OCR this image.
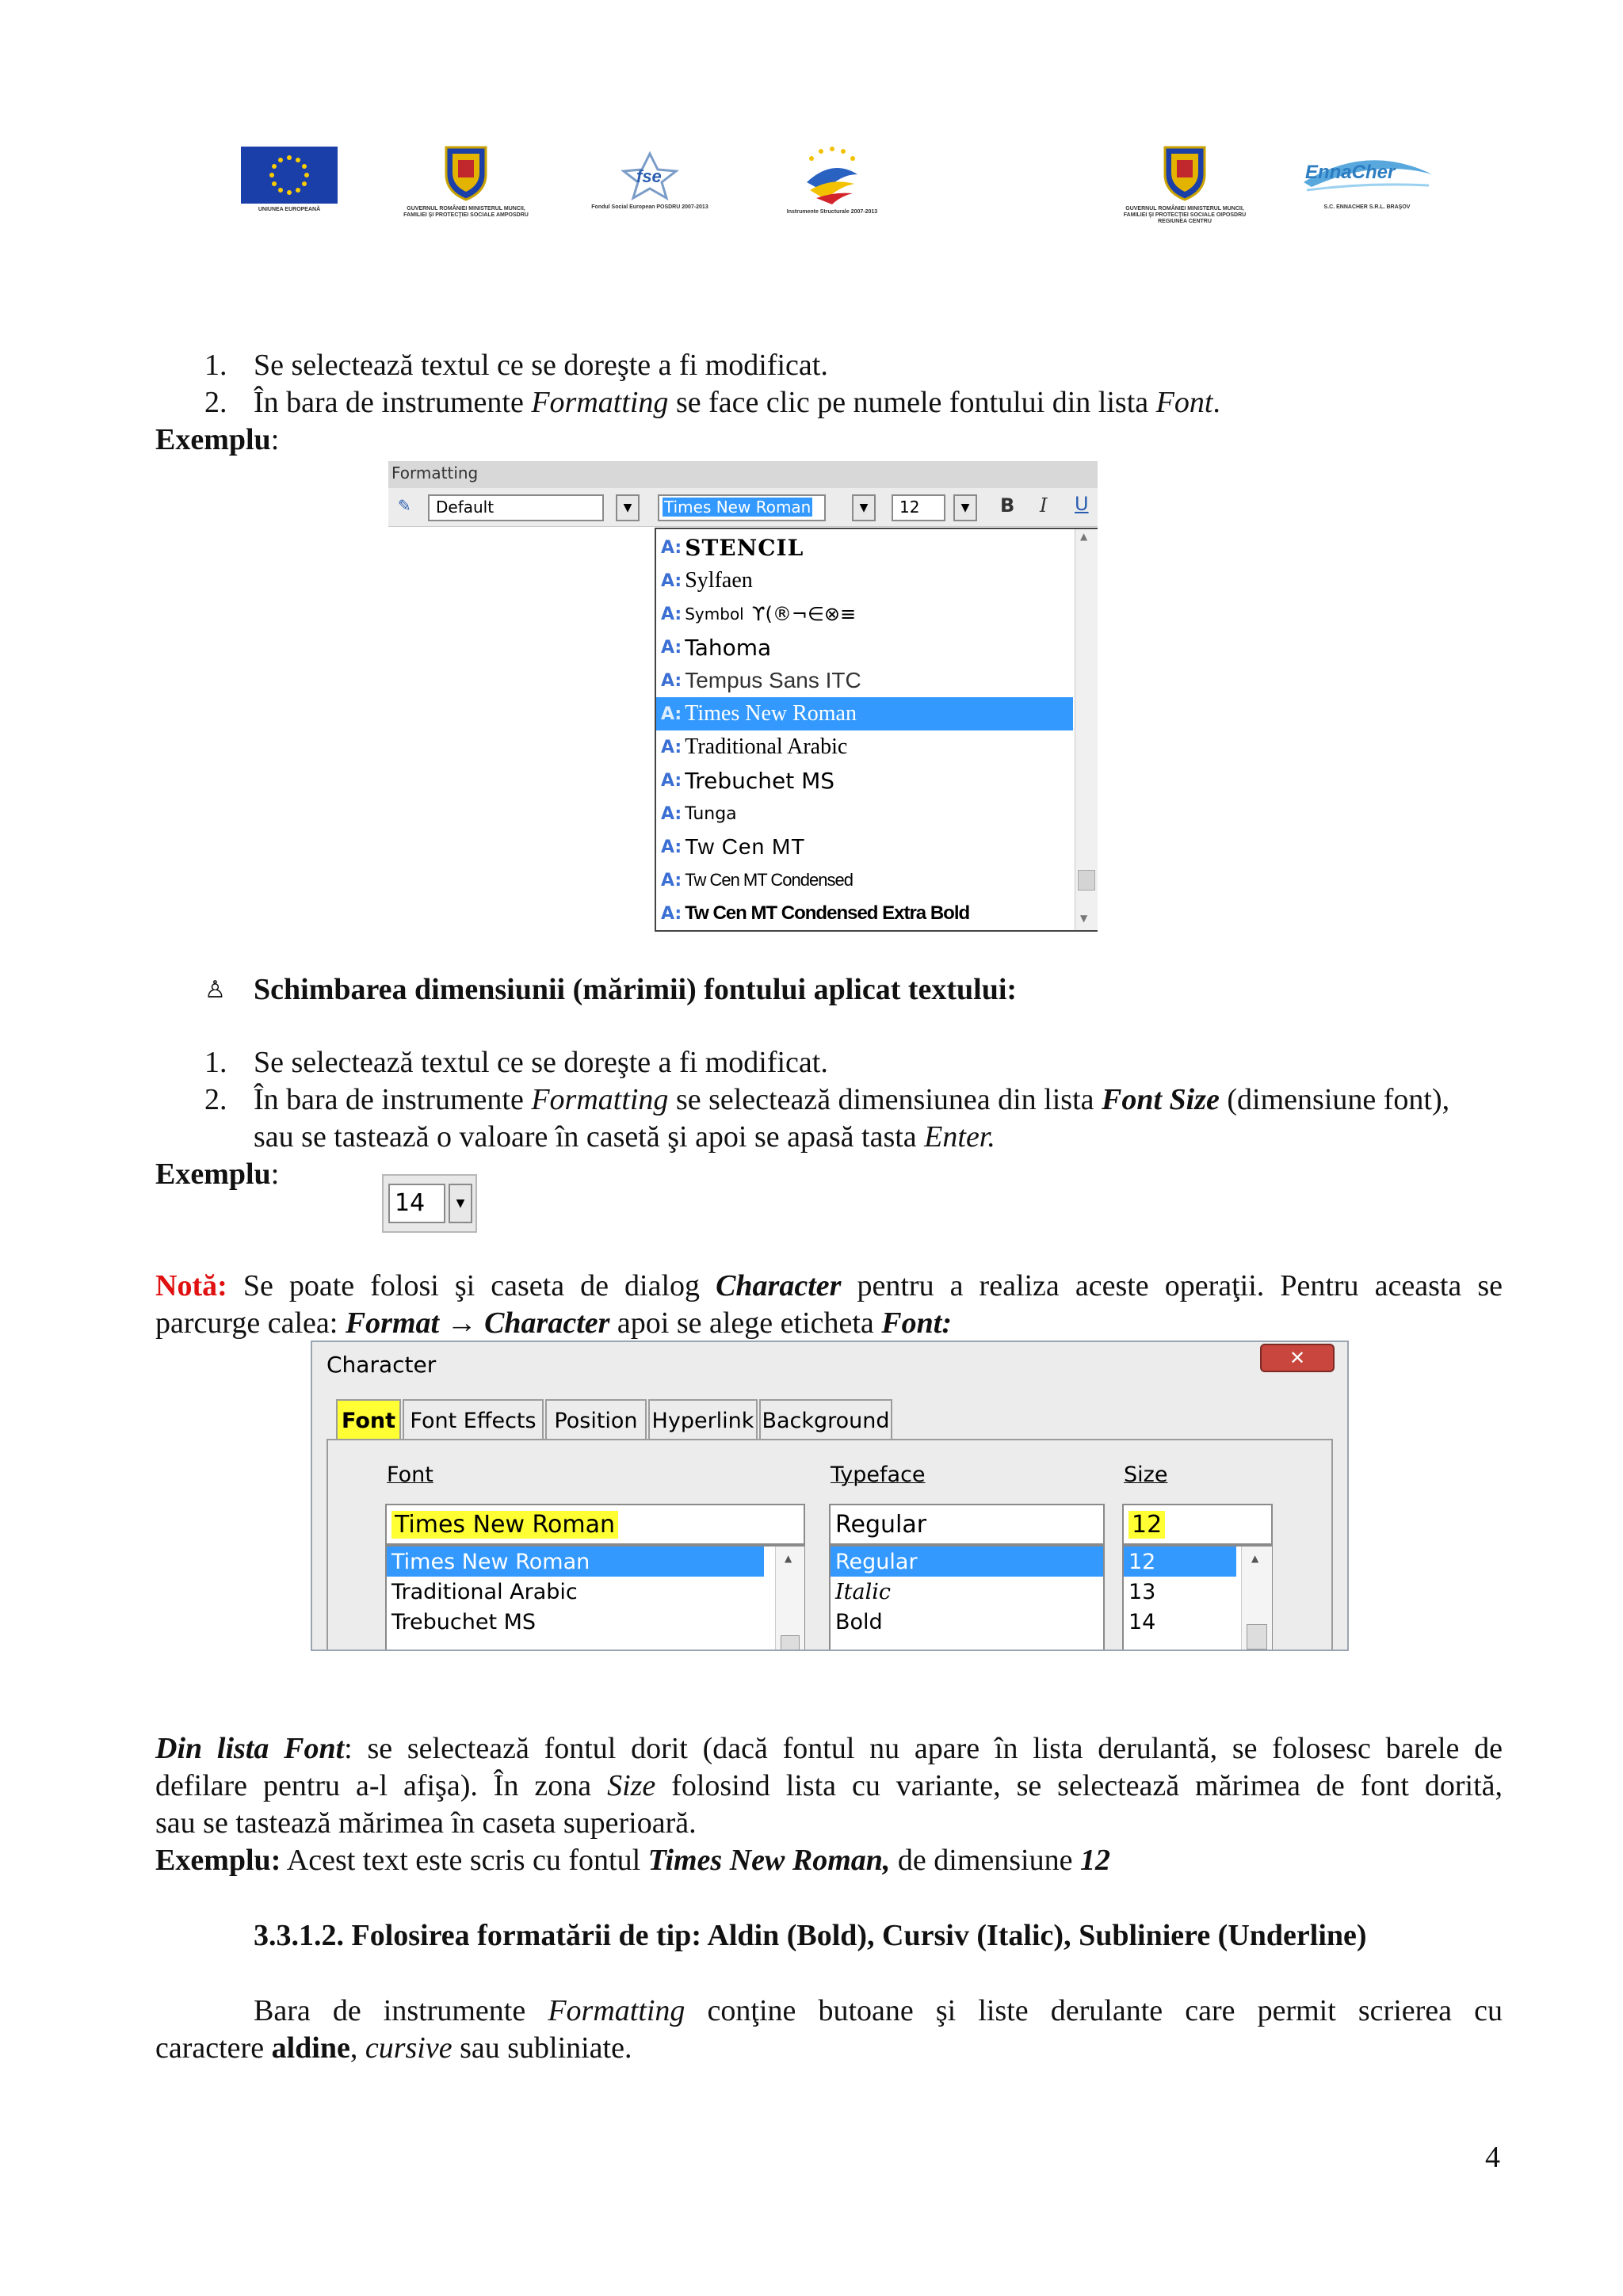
UNIUNEA EUROPEANĂ	GUVERNUL ROMÂNIEI MINISTERUL MUNCII, FAMILIEI ŞI PROTECŢIEI SOCIALE AMPOSDRU
fse
Fondul Social European POSDRU 2007-2013
Instrumente Structurale 2007-2013
GUVERNUL ROMÂNIEI MINISTERUL MUNCII, FAMILIEI ŞI PROTECŢIEI SOCIALE OIPOSDRU REGIUNEA CENTRU
EnnaCher
S.C. ENNACHER S.R.L. BRAŞOV
1. Se selectează textul ce se doreşte a fi modificat.
2. În bara de instrumente Formatting se face clic pe numele fontului din lista Font.
Exemplu:
Formatting
✎	Default	▼	Times New Roman	▼	12	▼	B I U
▲
▼
A: STENCIL
A: Sylfaen
A: Symbol ϒ(®¬∈⊗≡
A: Tahoma
A: Tempus Sans ITC
A: Times New Roman
A: Traditional Arabic
A: Trebuchet MS
A: Tunga
A: Tw Cen MT
A: Tw Cen MT Condensed
A: Tw Cen MT Condensed Extra Bold
♙ Schimbarea dimensiunii (mărimii) fontului aplicat textului:
1. Se selectează textul ce se doreşte a fi modificat.
2. În bara de instrumente Formatting se selectează dimensiunea din lista Font Size (dimensiune font),
sau se tastează o valoare în casetă şi apoi se apasă tasta Enter.
Exemplu:
14	▼
Notă: Se poate folosi şi caseta de dialog Character pentru a realiza aceste operaţii. Pentru aceasta se
parcurge calea: Format → Character apoi se alege eticheta Font:
Character	✕
Font Font Effects Position Hyperlink Background
Font	Typeface	Size
Times New Roman
Times New Roman
Traditional Arabic
Trebuchet MS
▲
Regular
Regular
Italic
Bold
12
12
13
14
▲
Din lista Font: se selectează fontul dorit (dacă fontul nu apare în lista derulantă, se folosesc barele de
defilare pentru a-l afişa). În zona Size folosind lista cu variante, se selectează mărimea de font dorită,
sau se tastează mărimea în caseta superioară.
Exemplu: Acest text este scris cu fontul Times New Roman, de dimensiune 12
3.3.1.2. Folosirea formatării de tip: Aldin (Bold), Cursiv (Italic), Subliniere (Underline)
Bara de instrumente Formatting conţine butoane şi liste derulante care permit scrierea cu
caractere aldine, cursive sau subliniate.
4
